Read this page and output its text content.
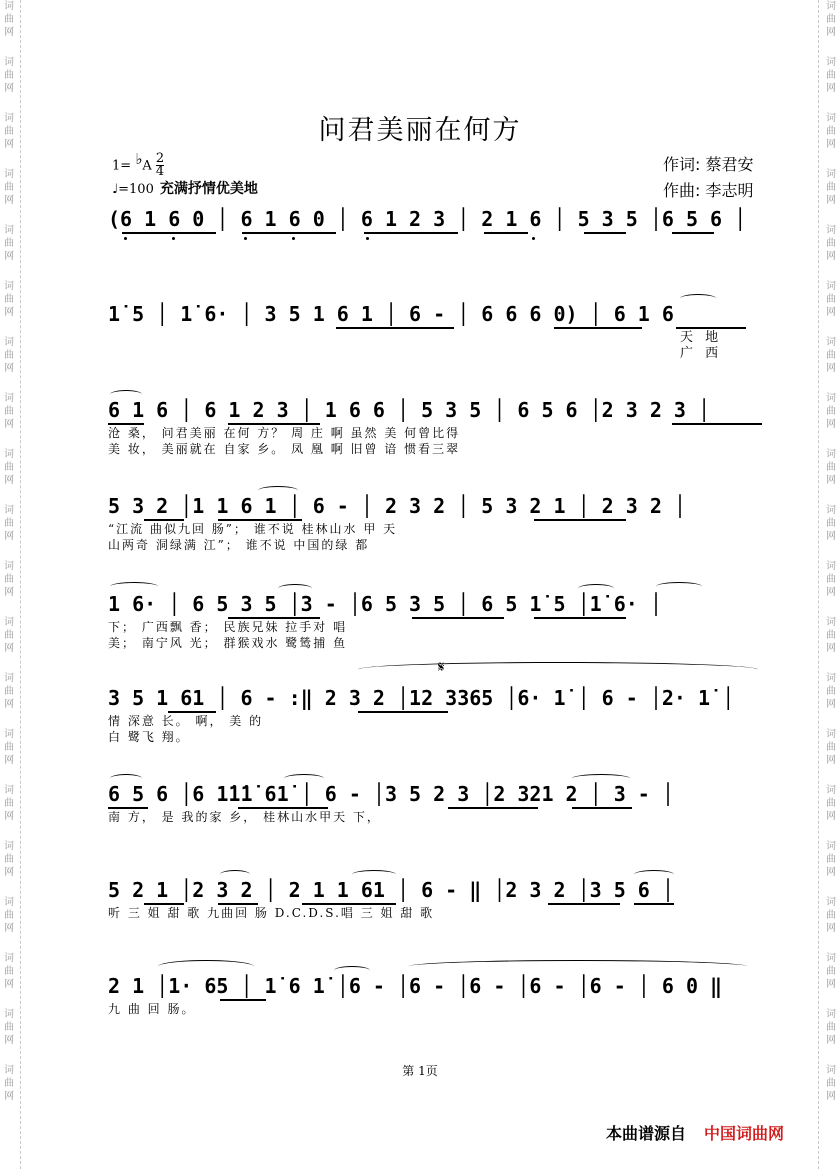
词曲网
词曲网
词曲网
词曲网
词曲网
词曲网
词曲网
词曲网
词曲网
词曲网
词曲网
词曲网
词曲网
词曲网
词曲网
词曲网
词曲网
词曲网
词曲网
词曲网
词曲网
词曲网
词曲网
词曲网
词曲网
词曲网
词曲网
词曲网
词曲网
词曲网
词曲网
词曲网
词曲网
词曲网
词曲网
词曲网
词曲网
词曲网
词曲网
词曲网
问君美丽在何方
$1= ^♭A \frac{2}{4}$
♩=100 充满抒情优美地
作词: 蔡君安
作曲: 李志明
(6 1 6 0 │ 6 1 6 0 │ 6 1 2 3 │ 2 1 6 │ 5 3 5 │6 5 6 │
1̇ 5 │ 1̇ 6· │ 3 5 1 6 1 │ 6 - │ 6 6 6 0) │ 6 1 6
天 地
广 西
6 1 6 │ 6 1 2 3 │ 1 6 6 │ 5 3 5 │ 6 5 6 │2 3 2 3 │
沧 桑， 问君美丽 在何 方？ 周 庄 啊 虽然 美 何曾比得
美 妆， 美丽就在 自家 乡。 凤 凰 啊 旧曾 谙 惯看三翠
5 3 2 │1 1 6 1 │ 6 - │ 2 3 2 │ 5 3 2 1 │ 2 3 2 │
“江流 曲似九回 肠”； 谁不说 桂林山水 甲 天
山两奇 洞绿满 江”； 谁不说 中国的绿 都
1 6· │ 6 5 3 5 │3 - │6 5 3 5 │ 6 5 1̇ 5 │1̇ 6· │
下； 广西飘 香； 民族兄妹 拉手对 唱
美； 南宁风 光； 群猴戏水 鹭鸶捕 鱼
3 5 1 61 │ 6 - :‖ 2 3 2 │12 3365 │6· 1̇ │ 6 - │2· 1̇ │
𝄋
情 深意 长。 啊， 美 的
白 鹭飞 翔。
6 5 6 │6 1̇1̇1̇ 61̇ │ 6 - │3 5 2 3 │2 321 2 │ 3 - │
南 方， 是 我的家 乡， 桂林山水甲天 下，
5 2 1 │2 3 2 │ 2 1 1 61 │ 6 - ‖ │2 3 2 │3 5 6 │
听 三 姐 甜 歌 九曲回 肠 D.C.D.S.唱 三 姐 甜 歌
2 1 │1· 65 │ 1̇ 6 1̇ │6 - │6 - │6 - │6 - │6 - │ 6 0 ‖
九 曲 回 肠。
第 1页
本曲谱源自 中国词曲网
